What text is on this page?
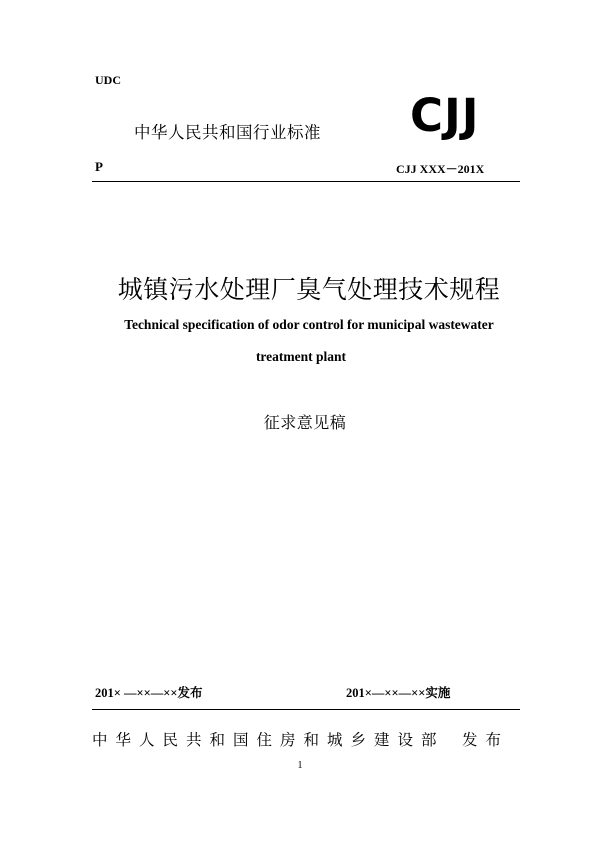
UDC
中华人民共和国行业标准 CJJ
P	CJJ XXX－201X
城镇污水处理厂臭气处理技术规程
Technical specification of odor control for municipal wastewater
treatment plant
征求意见稿
201× —××—××发布	201×—××—××实施
中华人民共和国住房和城乡建设部 发布
1
